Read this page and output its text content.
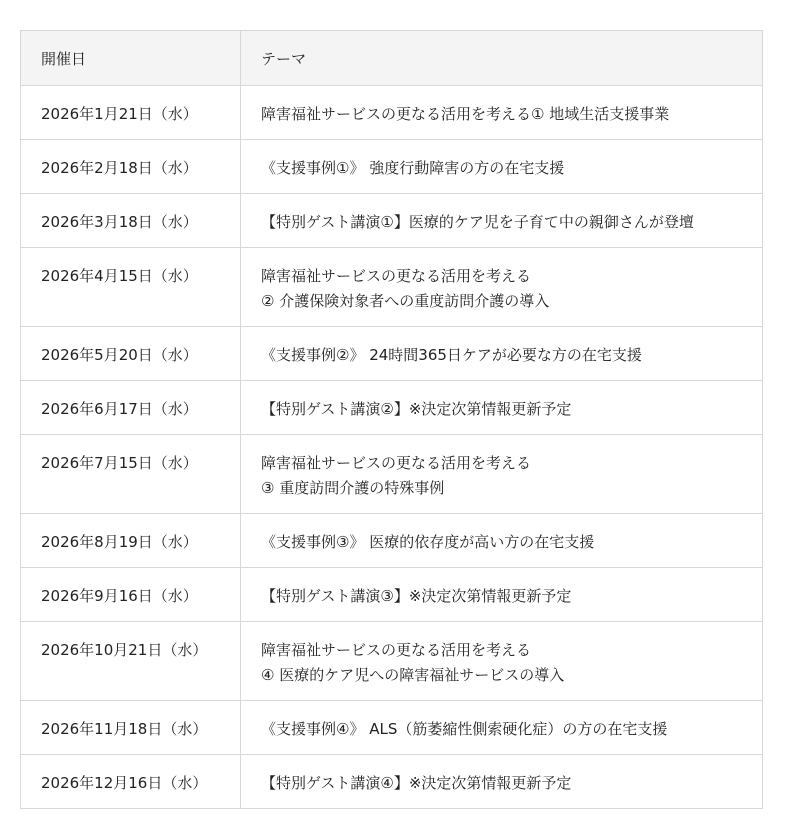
開催日	テーマ
2026年1月21日（水）	障害福祉サービスの更なる活用を考える① 地域生活支援事業

2026年2月18日（水）	《支援事例①》 強度行動障害の方の在宅支援

2026年3月18日（水）	【特別ゲスト講演①】医療的ケア児を子育て中の親御さんが登壇

2026年4月15日（水）	障害福祉サービスの更なる活用を考える
② 介護保険対象者への重度訪問介護の導入

2026年5月20日（水）	《支援事例②》 24時間365日ケアが必要な方の在宅支援

2026年6月17日（水）	【特別ゲスト講演②】※決定次第情報更新予定

2026年7月15日（水）	障害福祉サービスの更なる活用を考える
③ 重度訪問介護の特殊事例

2026年8月19日（水）	《支援事例③》 医療的依存度が高い方の在宅支援

2026年9月16日（水）	【特別ゲスト講演③】※決定次第情報更新予定

2026年10月21日（水）	障害福祉サービスの更なる活用を考える
④ 医療的ケア児への障害福祉サービスの導入

2026年11月18日（水）	《支援事例④》 ALS（筋萎縮性側索硬化症）の方の在宅支援

2026年12月16日（水）	【特別ゲスト講演④】※決定次第情報更新予定
